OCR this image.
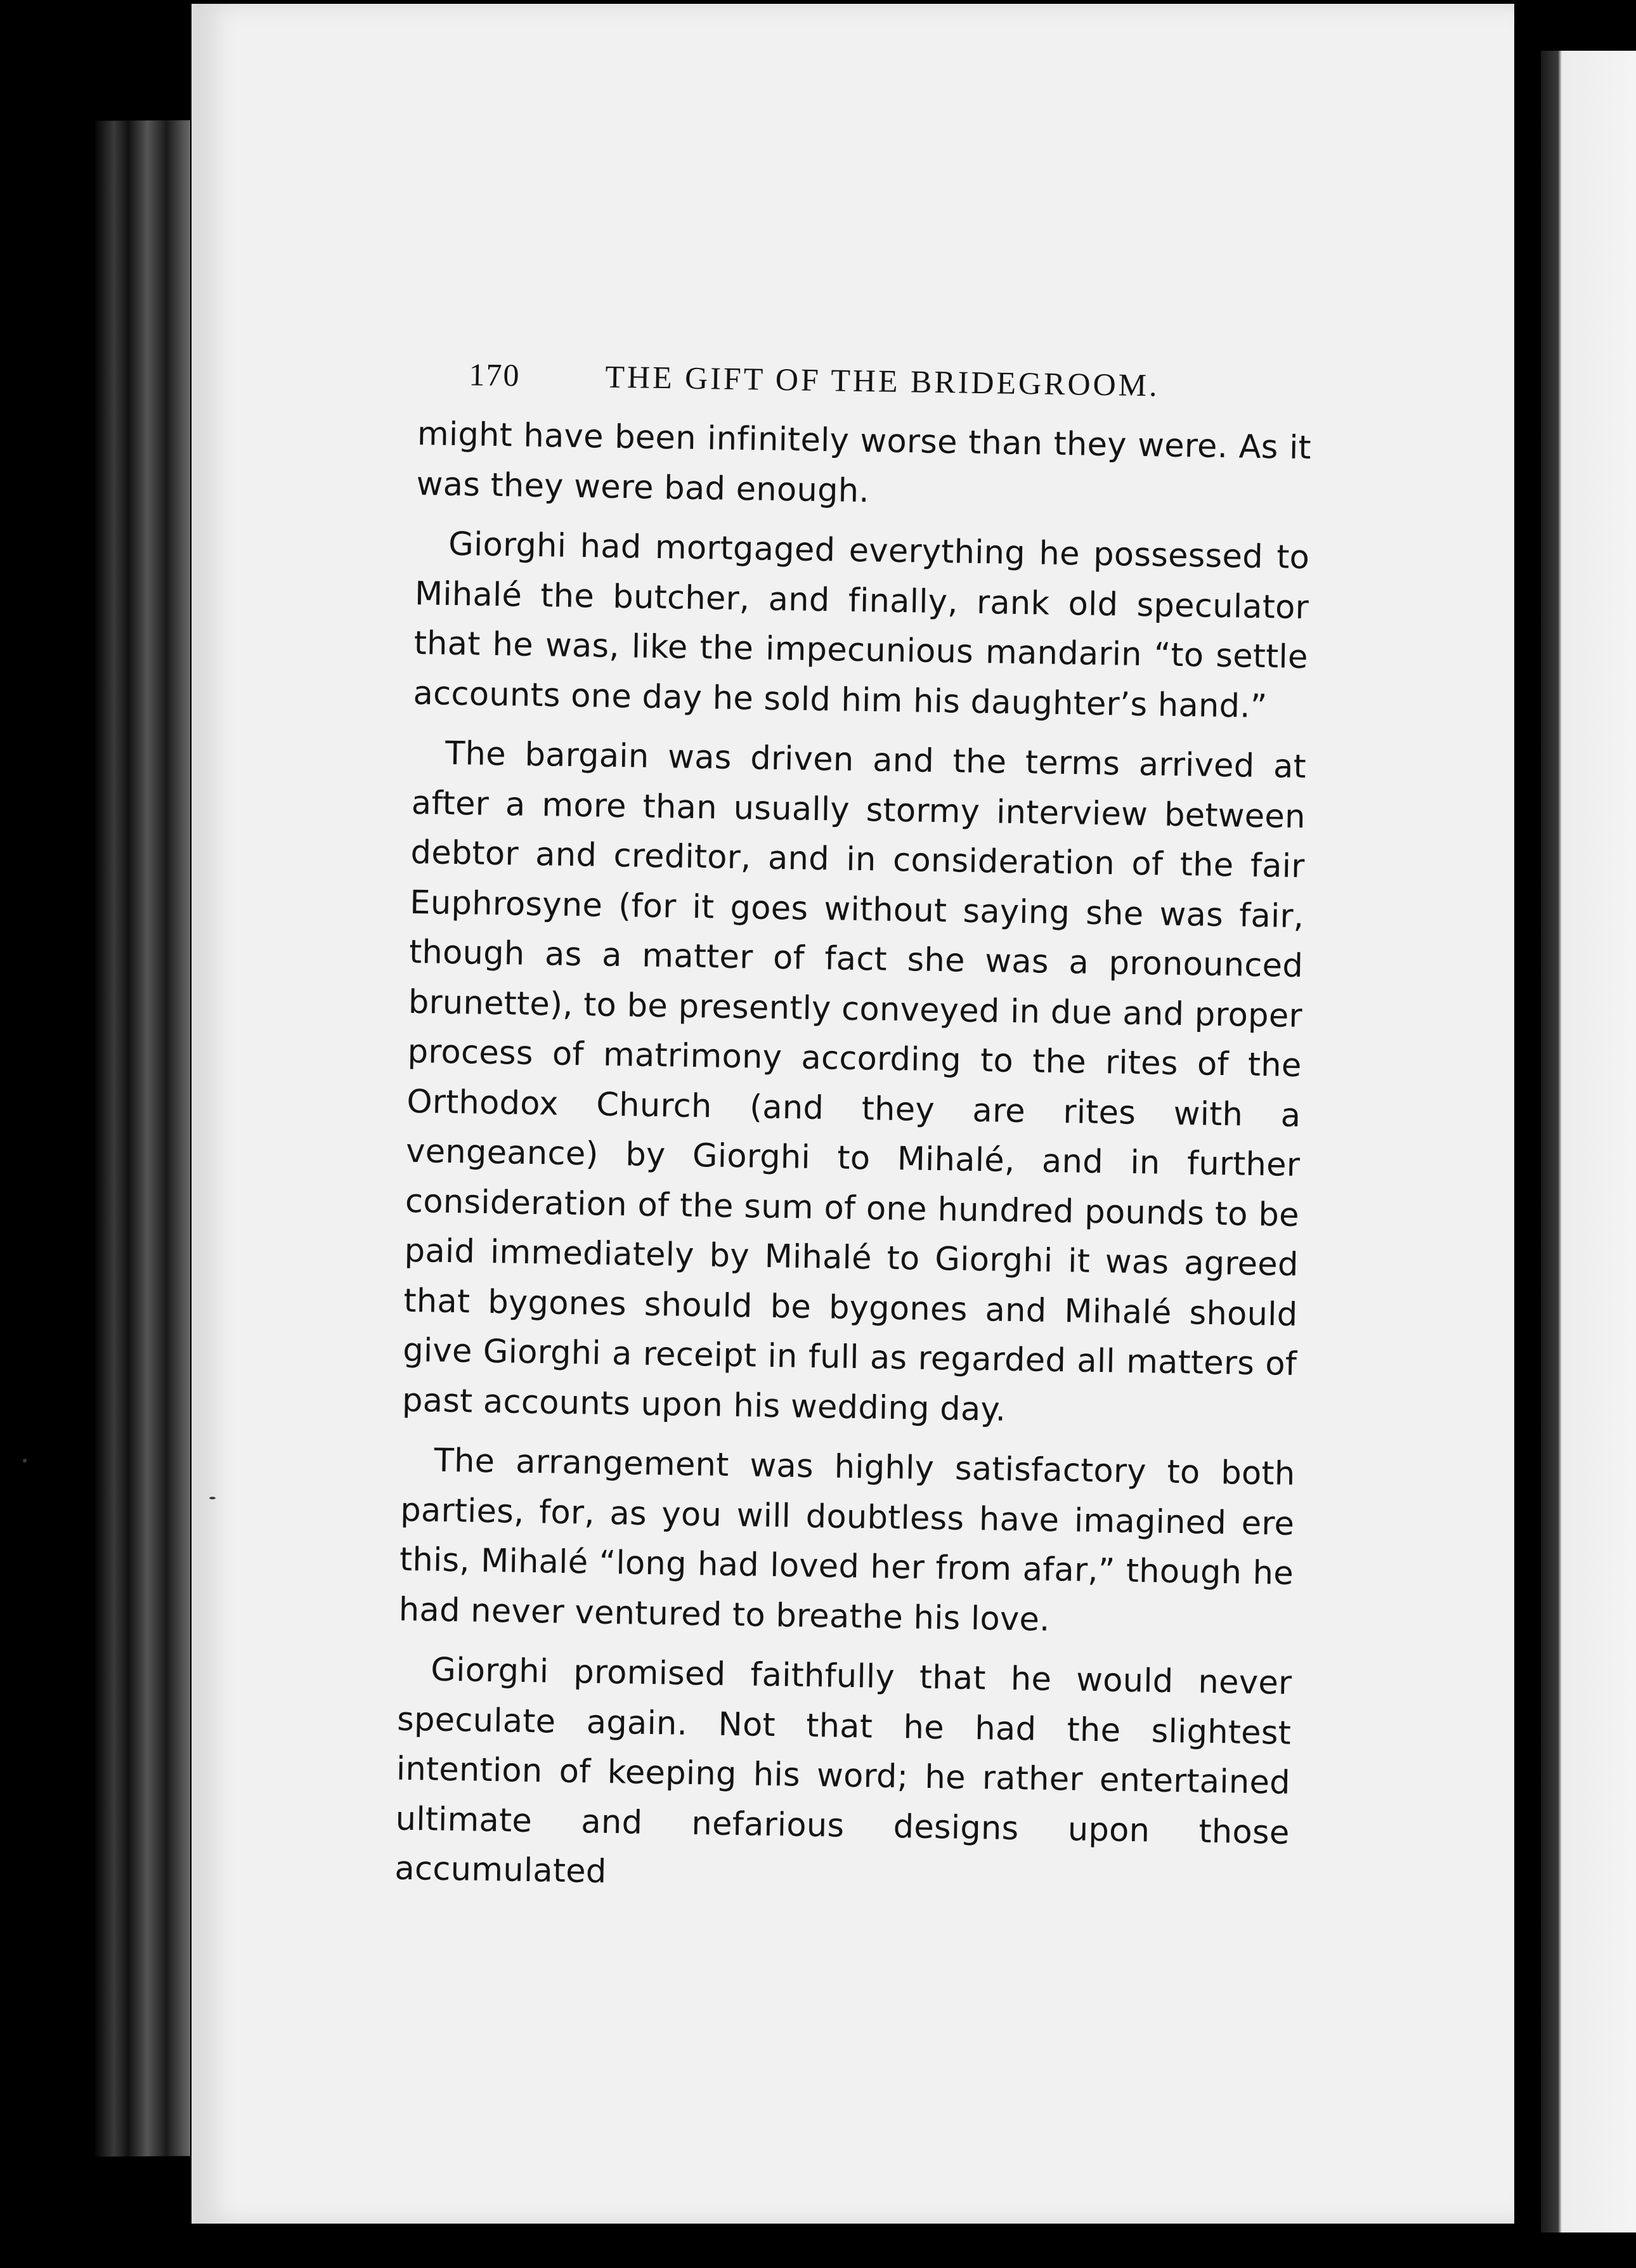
170	THE GIFT OF THE BRIDEGROOM.

might have been infinitely worse than they were. As it was they were bad enough.

Giorghi had mortgaged everything he possessed to Mihalé the butcher, and finally, rank old speculator that he was, like the impecunious mandarin “to settle accounts one day he sold him his daughter’s hand.”

The bargain was driven and the terms arrived at after a more than usually stormy interview between debtor and creditor, and in consideration of the fair Euphrosyne (for it goes without saying she was fair, though as a matter of fact she was a pronounced brunette), to be presently conveyed in due and proper process of matrimony according to the rites of the Orthodox Church (and they are rites with a vengeance) by Giorghi to Mihalé, and in further consideration of the sum of one hundred pounds to be paid immediately by Mihalé to Giorghi it was agreed that bygones should be bygones and Mihalé should give Giorghi a receipt in full as regarded all matters of past accounts upon his wedding day.

The arrangement was highly satisfactory to both parties, for, as you will doubtless have imagined ere this, Mihalé “long had loved her from afar,” though he had never ventured to breathe his love.

Giorghi promised faithfully that he would never speculate again. Not that he had the slightest intention of keeping his word; he rather entertained ultimate and nefarious designs upon those accumulated
